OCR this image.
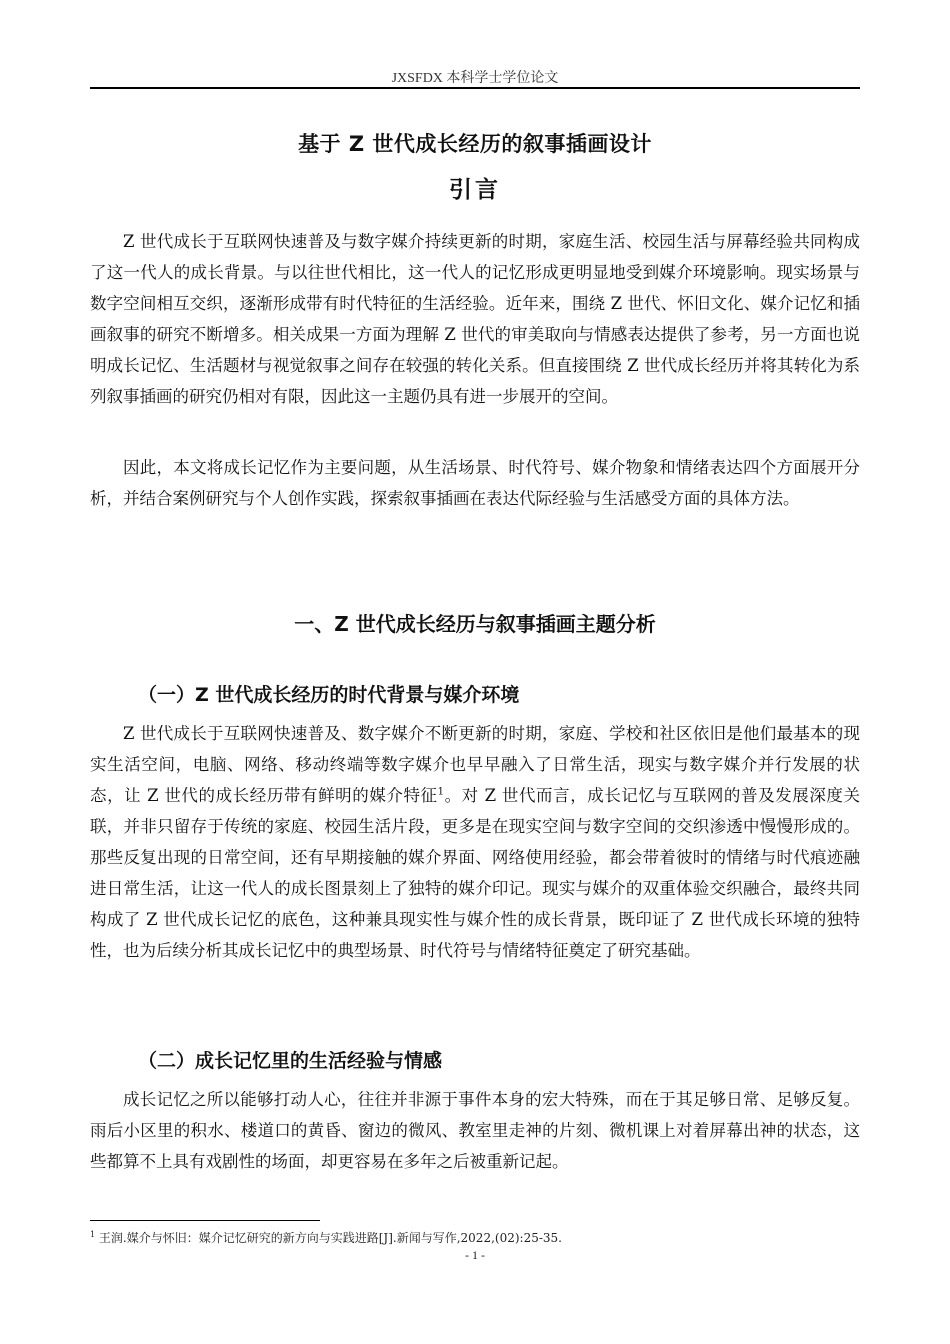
JXSFDX 本科学士学位论文
基于 Z 世代成长经历的叙事插画设计
引言

Z 世代成长于互联网快速普及与数字媒介持续更新的时期，家庭生活、校园生活与屏幕经验共同构成了这一代人的成长背景。与以往世代相比，这一代人的记忆形成更明显地受到媒介环境影响。现实场景与数字空间相互交织，逐渐形成带有时代特征的生活经验。近年来，围绕 Z 世代、怀旧文化、媒介记忆和插画叙事的研究不断增多。相关成果一方面为理解 Z 世代的审美取向与情感表达提供了参考，另一方面也说明成长记忆、生活题材与视觉叙事之间存在较强的转化关系。但直接围绕 Z 世代成长经历并将其转化为系列叙事插画的研究仍相对有限，因此这一主题仍具有进一步展开的空间。

因此，本文将成长记忆作为主要问题，从生活场景、时代符号、媒介物象和情绪表达四个方面展开分析，并结合案例研究与个人创作实践，探索叙事插画在表达代际经验与生活感受方面的具体方法。

一、Z 世代成长经历与叙事插画主题分析
（一）Z 世代成长经历的时代背景与媒介环境

Z 世代成长于互联网快速普及、数字媒介不断更新的时期，家庭、学校和社区依旧是他们最基本的现实生活空间，电脑、网络、移动终端等数字媒介也早早融入了日常生活，现实与数字媒介并行发展的状态，让 Z 世代的成长经历带有鲜明的媒介特征$^1$。对 Z 世代而言，成长记忆与互联网的普及发展深度关联，并非只留存于传统的家庭、校园生活片段，更多是在现实空间与数字空间的交织渗透中慢慢形成的。那些反复出现的日常空间，还有早期接触的媒介界面、网络使用经验，都会带着彼时的情绪与时代痕迹融进日常生活，让这一代人的成长图景刻上了独特的媒介印记。现实与媒介的双重体验交织融合，最终共同构成了 Z 世代成长记忆的底色，这种兼具现实性与媒介性的成长背景，既印证了 Z 世代成长环境的独特性，也为后续分析其成长记忆中的典型场景、时代符号与情绪特征奠定了研究基础。

（二）成长记忆里的生活经验与情感

成长记忆之所以能够打动人心，往往并非源于事件本身的宏大特殊，而在于其足够日常、足够反复。雨后小区里的积水、楼道口的黄昏、窗边的微风、教室里走神的片刻、微机课上对着屏幕出神的状态，这些都算不上具有戏剧性的场面，却更容易在多年之后被重新记起。

$^1$ 王润.媒介与怀旧：媒介记忆研究的新方向与实践进路[J].新闻与写作,2022,(02):25-35.
- 1 -
